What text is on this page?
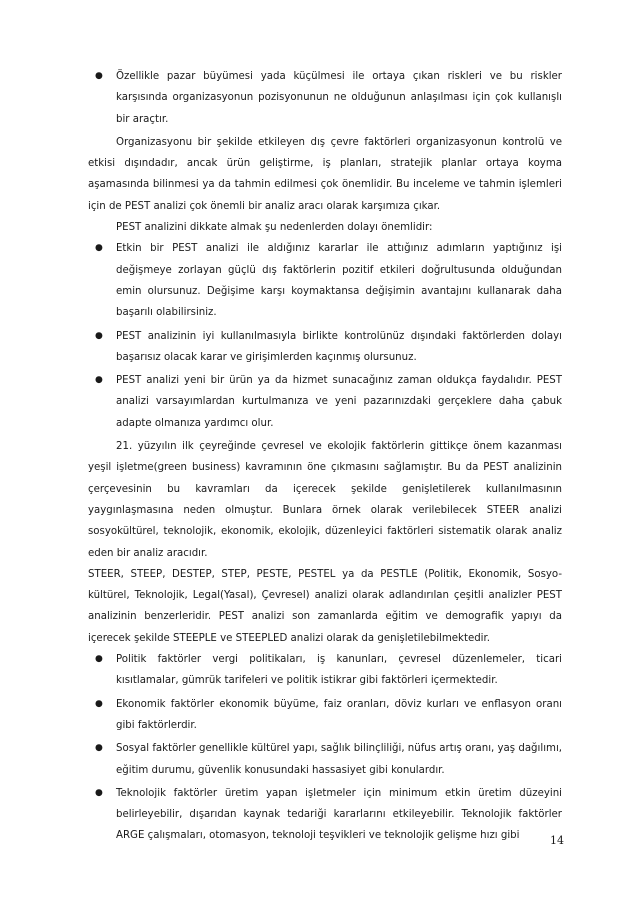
● Özellikle pazar büyümesi yada küçülmesi ile ortaya çıkan riskleri ve bu riskler karşısında organizasyonun pozisyonunun ne olduğunun anlaşılması için çok kullanışlı bir araçtır.

Organizasyonu bir şekilde etkileyen dış çevre faktörleri organizasyonun kontrolü ve etkisi dışındadır, ancak ürün geliştirme, iş planları, stratejik planlar ortaya koyma aşamasında bilinmesi ya da tahmin edilmesi çok önemlidir. Bu inceleme ve tahmin işlemleri için de PEST analizi çok önemli bir analiz aracı olarak karşımıza çıkar.

PEST analizini dikkate almak şu nedenlerden dolayı önemlidir:

● Etkin bir PEST analizi ile aldığınız kararlar ile attığınız adımların yaptığınız işi değişmeye zorlayan güçlü dış faktörlerin pozitif etkileri doğrultusunda olduğundan emin olursunuz. Değişime karşı koymaktansa değişimin avantajını kullanarak daha başarılı olabilirsiniz.
● PEST analizinin iyi kullanılmasıyla birlikte kontrolünüz dışındaki faktörlerden dolayı başarısız olacak karar ve girişimlerden kaçınmış olursunuz.
● PEST analizi yeni bir ürün ya da hizmet sunacağınız zaman oldukça faydalıdır. PEST analizi varsayımlardan kurtulmanıza ve yeni pazarınızdaki gerçeklere daha çabuk adapte olmanıza yardımcı olur.

21. yüzyılın ilk çeyreğinde çevresel ve ekolojik faktörlerin gittikçe önem kazanması yeşil işletme(green business) kavramının öne çıkmasını sağlamıştır. Bu da PEST analizinin çerçevesinin bu kavramları da içerecek şekilde genişletilerek kullanılmasının yaygınlaşmasına neden olmuştur. Bunlara örnek olarak verilebilecek STEER analizi sosyokültürel, teknolojik, ekonomik, ekolojik, düzenleyici faktörleri sistematik olarak analiz eden bir analiz aracıdır.

STEER, STEEP, DESTEP, STEP, PESTE, PESTEL ya da PESTLE (Politik, Ekonomik, Sosyo-kültürel, Teknolojik, Legal(Yasal), Çevresel) analizi olarak adlandırılan çeşitli analizler PEST analizinin benzerleridir. PEST analizi son zamanlarda eğitim ve demografik yapıyı da içerecek şekilde STEEPLE ve STEEPLED analizi olarak da genişletilebilmektedir.

● Politik faktörler vergi politikaları, iş kanunları, çevresel düzenlemeler, ticari kısıtlamalar, gümrük tarifeleri ve politik istikrar gibi faktörleri içermektedir.
● Ekonomik faktörler ekonomik büyüme, faiz oranları, döviz kurları ve enflasyon oranı gibi faktörlerdir.
● Sosyal faktörler genellikle kültürel yapı, sağlık bilinçliliği, nüfus artış oranı, yaş dağılımı, eğitim durumu, güvenlik konusundaki hassasiyet gibi konulardır.
● Teknolojik faktörler üretim yapan işletmeler için minimum etkin üretim düzeyini belirleyebilir, dışarıdan kaynak tedariği kararlarını etkileyebilir. Teknolojik faktörler ARGE çalışmaları, otomasyon, teknoloji teşvikleri ve teknolojik gelişme hızı gibi	14
